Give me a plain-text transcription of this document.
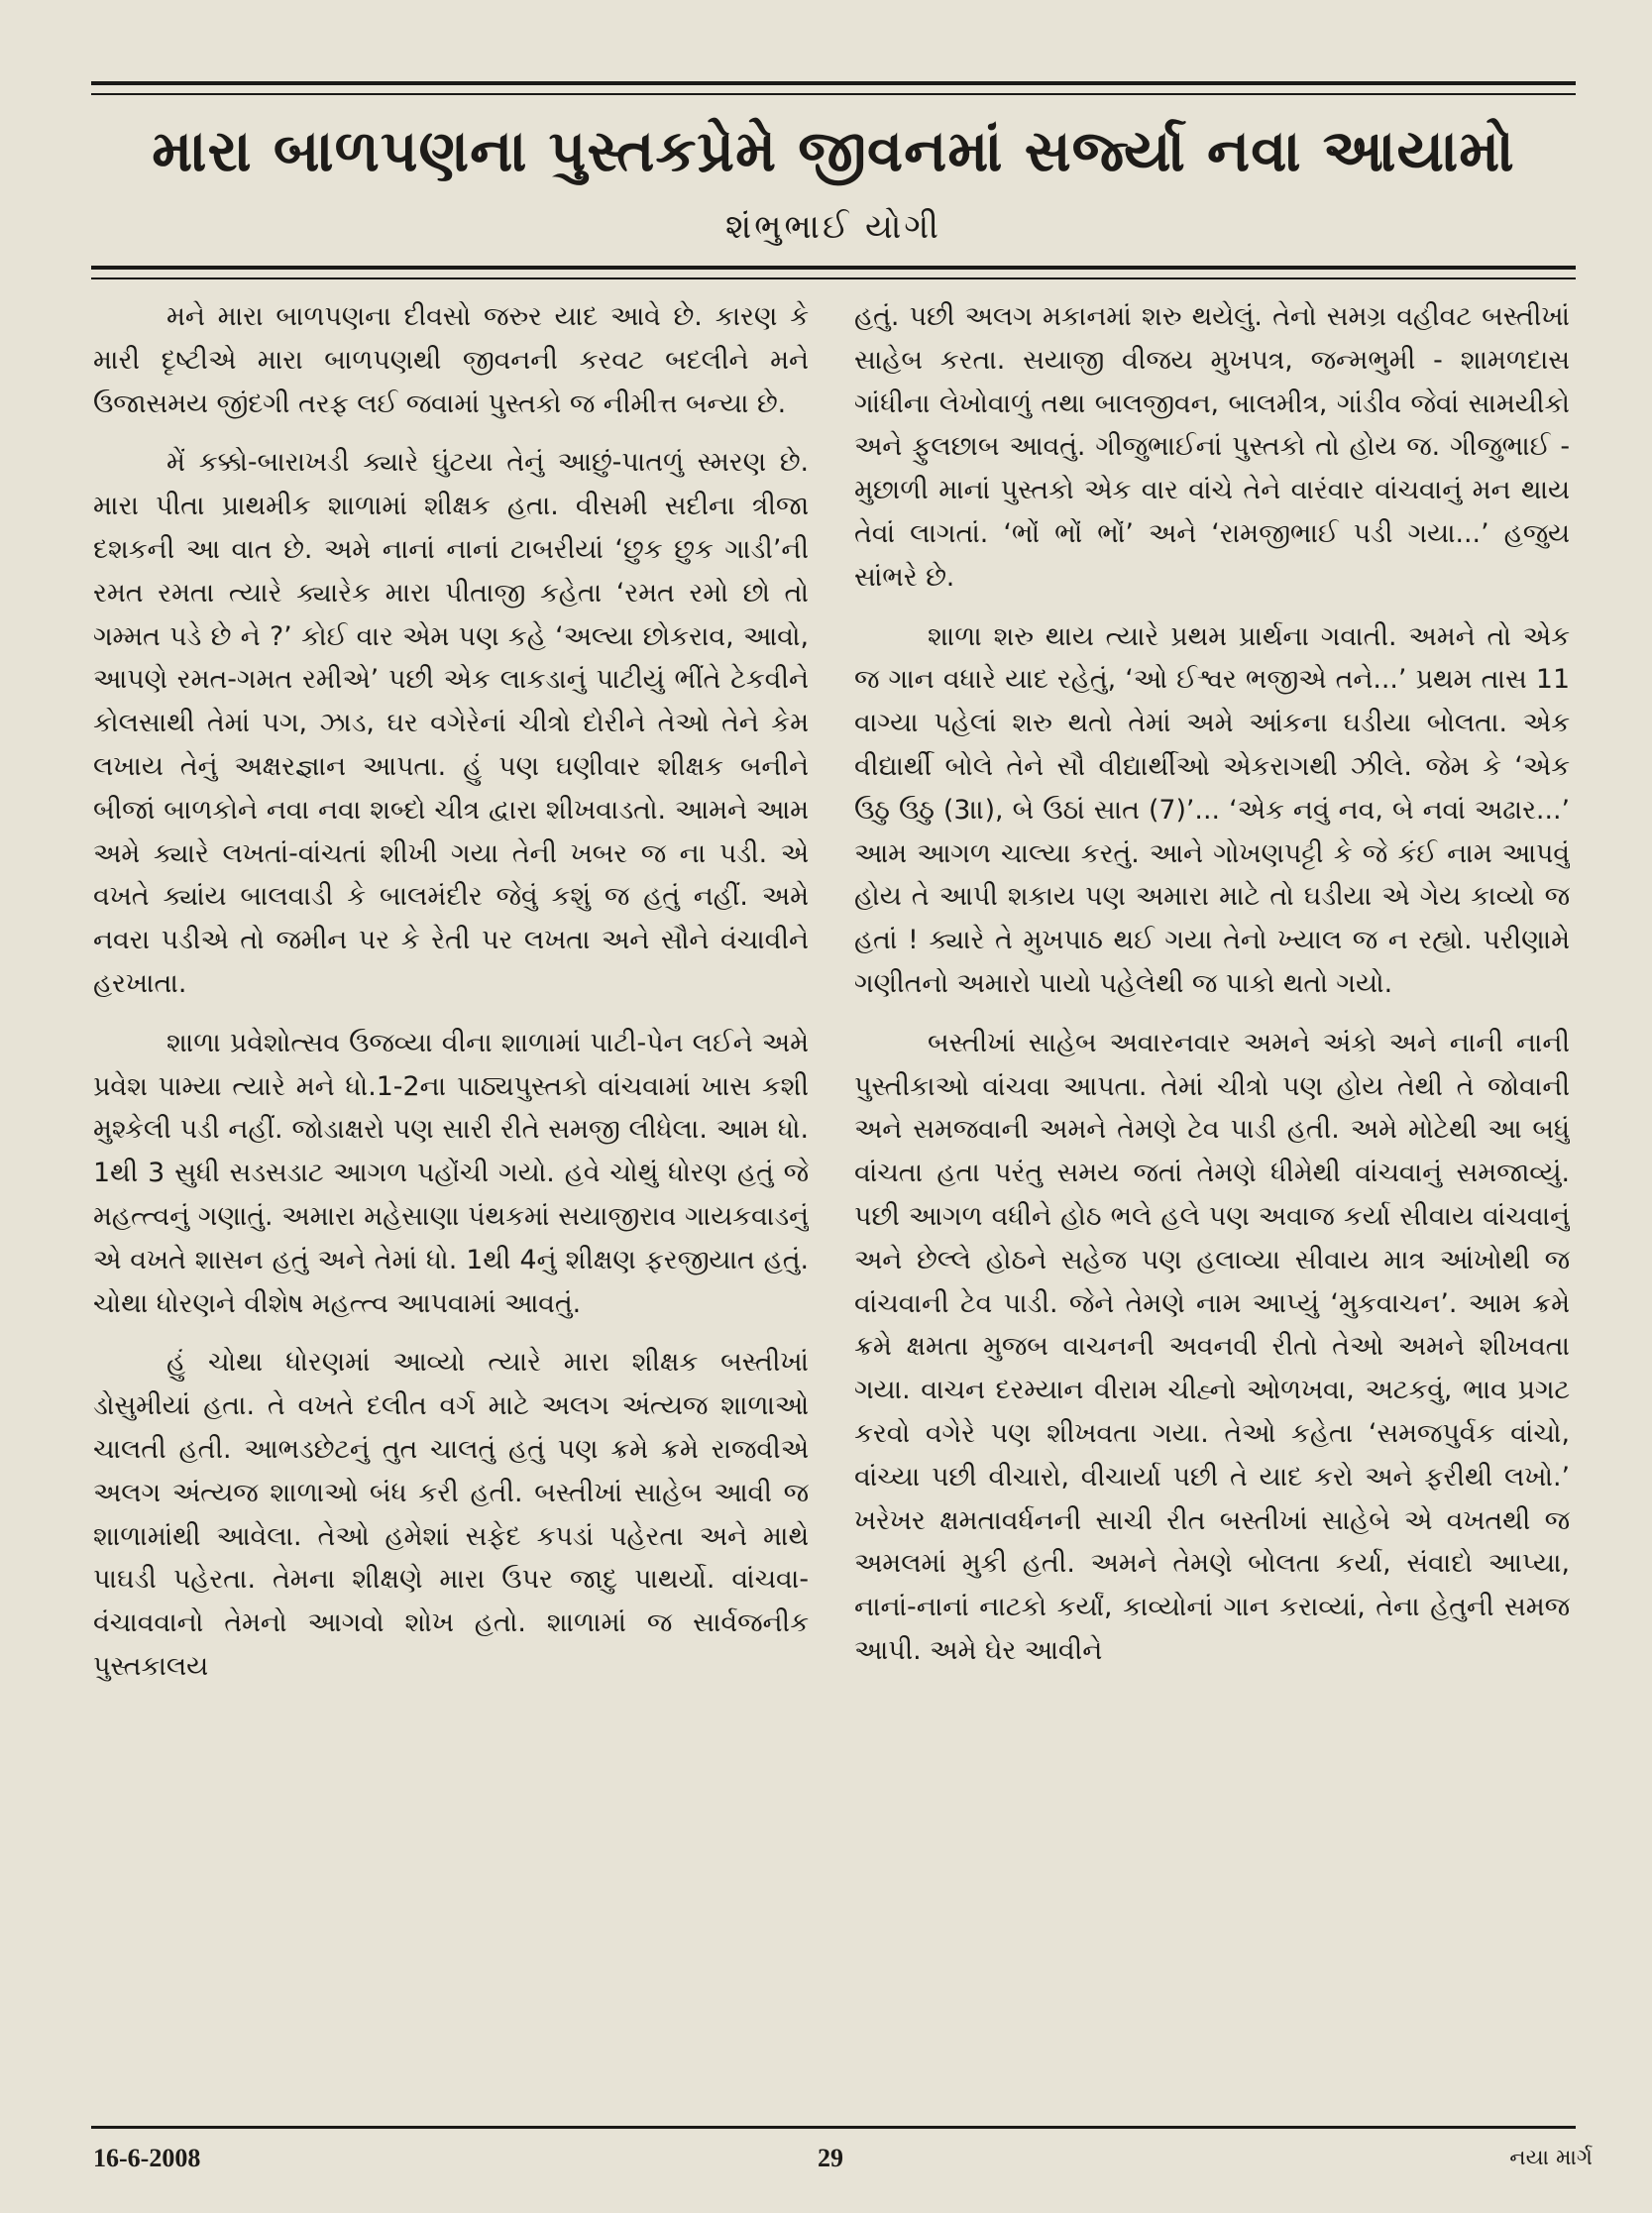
મારા બાળપણના પુસ્તકપ્રેમે જીવનમાં સર્જ્યા નવા આયામો
શંભુભાઈ યોગી

મને મારા બાળપણના દીવસો જરુર યાદ આવે છે. કારણ કે મારી દૃષ્ટીએ મારા બાળપણથી જીવનની કરવટ બદલીને મને ઉજાસમય જીંદગી તરફ લઈ જવામાં પુસ્તકો જ નીમીત્ત બન્યા છે.

મેં કક્કો-બારાખડી ક્યારે ઘુંટયા તેનું આછું-પાતળું સ્મરણ છે. મારા પીતા પ્રાથમીક શાળામાં શીક્ષક હતા. વીસમી સદીના ત્રીજા દશકની આ વાત છે. અમે નાનાં નાનાં ટાબરીયાં ‘છુક છુક ગાડી’ની રમત રમતા ત્યારે ક્યારેક મારા પીતાજી કહેતા ‘રમત રમો છો તો ગમ્મત પડે છે ને ?’ કોઈ વાર એમ પણ કહે ‘અલ્યા છોકરાવ, આવો, આપણે રમત-ગમત રમીએ’ પછી એક લાકડાનું પાટીયું ભીંતે ટેકવીને કોલસાથી તેમાં પગ, ઝાડ, ઘર વગેરેનાં ચીત્રો દોરીને તેઓ તેને કેમ લખાય તેનું અક્ષરજ્ઞાન આપતા. હું પણ ઘણીવાર શીક્ષક બનીને બીજાં બાળકોને નવા નવા શબ્દો ચીત્ર દ્વારા શીખવાડતો. આમને આમ અમે ક્યારે લખતાં-વાંચતાં શીખી ગયા તેની ખબર જ ના પડી. એ વખતે ક્યાંય બાલવાડી કે બાલમંદીર જેવું કશું જ હતું નહીં. અમે નવરા પડીએ તો જમીન પર કે રેતી પર લખતા અને સૌને વંચાવીને હરખાતા.

શાળા પ્રવેશોત્સવ ઉજવ્યા વીના શાળામાં પાટી-પેન લઈને અમે પ્રવેશ પામ્યા ત્યારે મને ધો.1-2ના પાઠ્યપુસ્તકો વાંચવામાં ખાસ કશી મુશ્કેલી પડી નહીં. જોડાક્ષરો પણ સારી રીતે સમજી લીધેલા. આમ ધો. 1થી 3 સુધી સડસડાટ આગળ પહોંચી ગયો. હવે ચોથું ધોરણ હતું જે મહત્ત્વનું ગણાતું. અમારા મહેસાણા પંથકમાં સયાજીરાવ ગાયકવાડનું એ વખતે શાસન હતું અને તેમાં ધો. 1થી 4નું શીક્ષણ ફરજીયાત હતું. ચોથા ધોરણને વીશેષ મહત્ત્વ આપવામાં આવતું.

હું ચોથા ધોરણમાં આવ્યો ત્યારે મારા શીક્ષક બસ્તીખાં ડોસુમીયાં હતા. તે વખતે દલીત વર્ગ માટે અલગ અંત્યજ શાળાઓ ચાલતી હતી. આભડછેટનું તુત ચાલતું હતું પણ ક્રમે ક્રમે રાજવીએ અલગ અંત્યજ શાળાઓ બંધ કરી હતી. બસ્તીખાં સાહેબ આવી જ શાળામાંથી આવેલા. તેઓ હમેશાં સફેદ કપડાં પહેરતા અને માથે પાઘડી પહેરતા. તેમના શીક્ષણે મારા ઉપર જાદુ પાથર્યો. વાંચવા-વંચાવવાનો તેમનો આગવો શોખ હતો. શાળામાં જ સાર્વજનીક પુસ્તકાલય

હતું. પછી અલગ મકાનમાં શરુ થયેલું. તેનો સમગ્ર વહીવટ બસ્તીખાં સાહેબ કરતા. સયાજી વીજય મુખપત્ર, જન્મભુમી - શામળદાસ ગાંધીના લેખોવાળું તથા બાલજીવન, બાલમીત્ર, ગાંડીવ જેવાં સામયીકો અને ફુલછાબ આવતું. ગીજુભાઈનાં પુસ્તકો તો હોય જ. ગીજુભાઈ - મુછાળી માનાં પુસ્તકો એક વાર વાંચે તેને વારંવાર વાંચવાનું મન થાય તેવાં લાગતાં. ‘ભોં ભોં ભોં’ અને ‘રામજીભાઈ પડી ગયા...’ હજુય સાંભરે છે.

શાળા શરુ થાય ત્યારે પ્રથમ પ્રાર્થના ગવાતી. અમને તો એક જ ગાન વધારે યાદ રહેતું, ‘ઓ ઈશ્વર ભજીએ તને...’ પ્રથમ તાસ 11 વાગ્યા પહેલાં શરુ થતો તેમાં અમે આંકના ઘડીયા બોલતા. એક વીદ્યાર્થી બોલે તેને સૌ વીદ્યાર્થીઓ એકરાગથી ઝીલે. જેમ કે ‘એક ઉઠુ ઉઠુ (3॥), બે ઉઠાં સાત (7)’... ‘એક નવું નવ, બે નવાં અઢાર...’ આમ આગળ ચાલ્યા કરતું. આને ગોખણપટ્ટી કે જે કંઈ નામ આપવું હોય તે આપી શકાય પણ અમારા માટે તો ઘડીયા એ ગેય કાવ્યો જ હતાં ! ક્યારે તે મુખપાઠ થઈ ગયા તેનો ખ્યાલ જ ન રહ્યો. પરીણામે ગણીતનો અમારો પાયો પહેલેથી જ પાકો થતો ગયો.

બસ્તીખાં સાહેબ અવારનવાર અમને અંકો અને નાની નાની પુસ્તીકાઓ વાંચવા આપતા. તેમાં ચીત્રો પણ હોય તેથી તે જોવાની અને સમજવાની અમને તેમણે ટેવ પાડી હતી. અમે મોટેથી આ બધું વાંચતા હતા પરંતુ સમય જતાં તેમણે ધીમેથી વાંચવાનું સમજાવ્યું. પછી આગળ વધીને હોઠ ભલે હલે પણ અવાજ કર્યા સીવાય વાંચવાનું અને છેલ્લે હોઠને સહેજ પણ હલાવ્યા સીવાય માત્ર આંખોથી જ વાંચવાની ટેવ પાડી. જેને તેમણે નામ આપ્યું ‘મુકવાચન’. આમ ક્રમે ક્રમે ક્ષમતા મુજબ વાચનની અવનવી રીતો તેઓ અમને શીખવતા ગયા. વાચન દરમ્યાન વીરામ ચીહ્નો ઓળખવા, અટકવું, ભાવ પ્રગટ કરવો વગેરે પણ શીખવતા ગયા. તેઓ કહેતા ‘સમજપુર્વક વાંચો, વાંચ્યા પછી વીચારો, વીચાર્યા પછી તે યાદ કરો અને ફરીથી લખો.’ ખરેખર ક્ષમતાવર્ધનની સાચી રીત બસ્તીખાં સાહેબે એ વખતથી જ અમલમાં મુકી હતી. અમને તેમણે બોલતા કર્યા, સંવાદો આપ્યા, નાનાં-નાનાં નાટકો કર્યાં, કાવ્યોનાં ગાન કરાવ્યાં, તેના હેતુની સમજ આપી. અમે ઘેર આવીને

16-6-2008	29	નયા માર્ગ
